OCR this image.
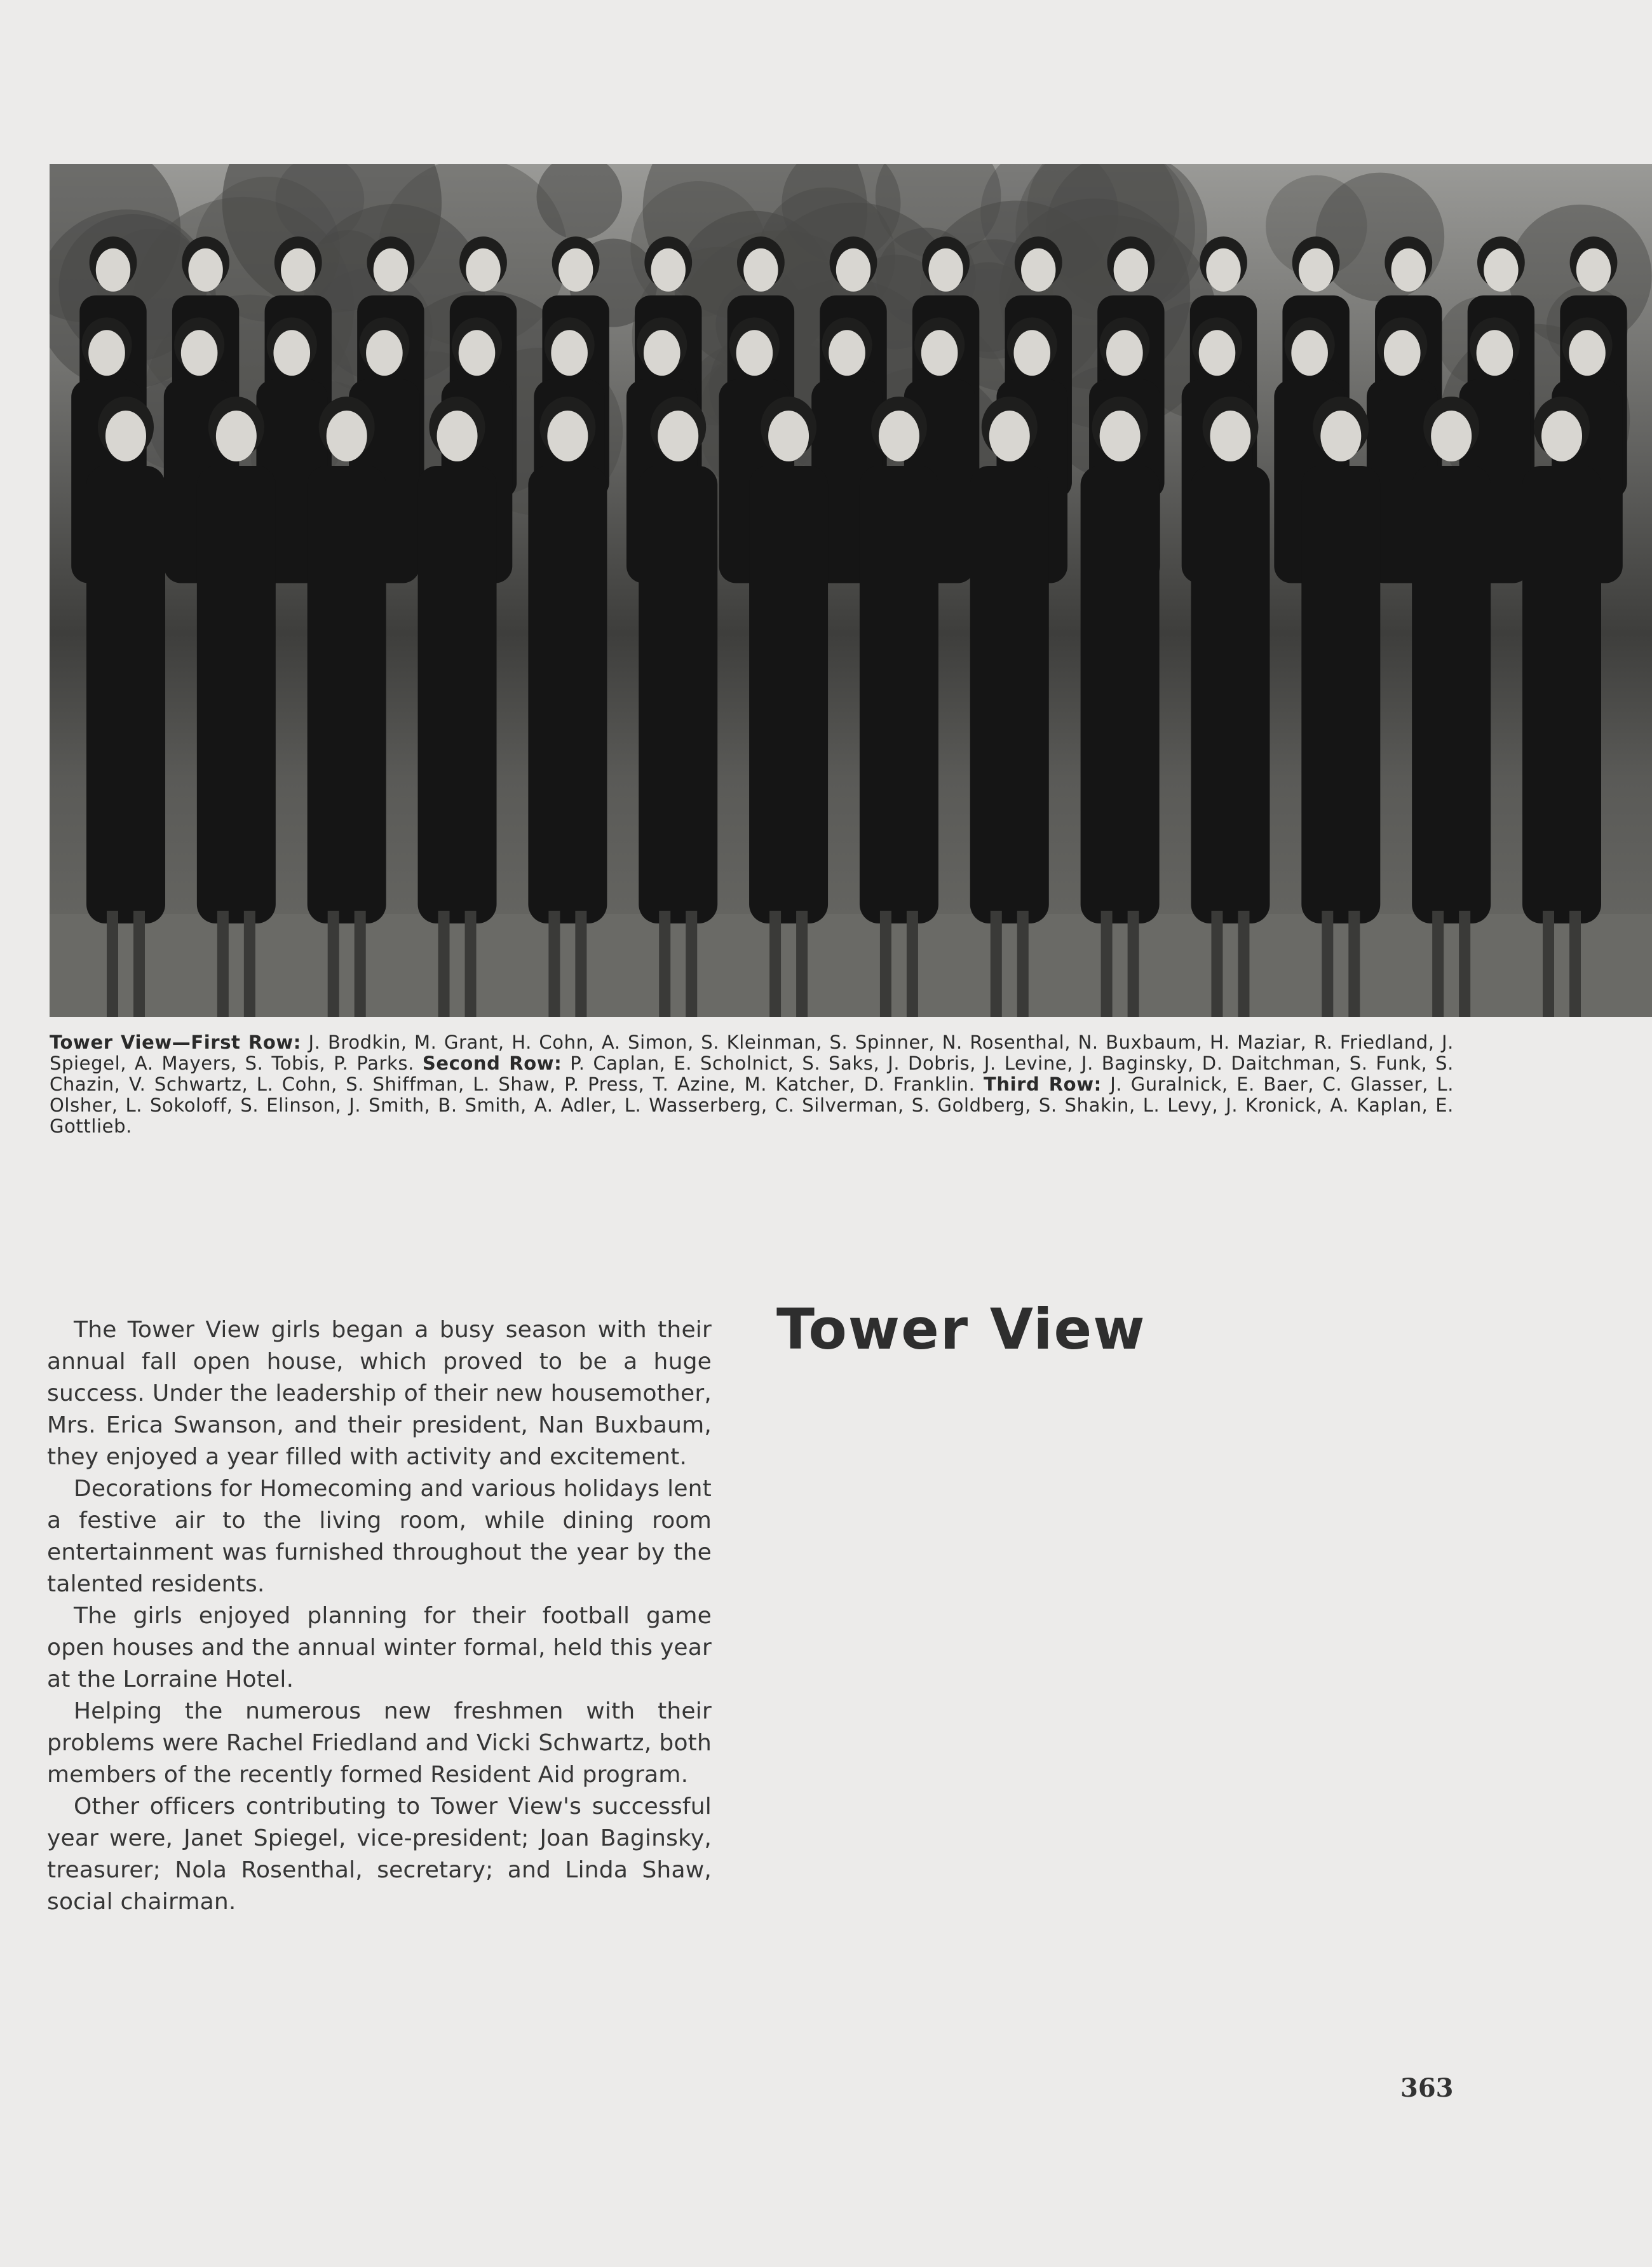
Tower View—First Row: J. Brodkin, M. Grant, H. Cohn, A. Simon, S. Kleinman, S. Spinner, N. Rosenthal, N. Buxbaum, H. Maziar, R. Friedland, J. Spiegel, A. Mayers, S. Tobis, P. Parks. Second Row: P. Caplan, E. Scholnict, S. Saks, J. Dobris, J. Levine, J. Baginsky, D. Daitchman, S. Funk, S. Chazin, V. Schwartz, L. Cohn, S. Shiffman, L. Shaw, P. Press, T. Azine, M. Katcher, D. Franklin. Third Row: J. Guralnick, E. Baer, C. Glasser, L. Olsher, L. Sokoloff, S. Elinson, J. Smith, B. Smith, A. Adler, L. Wasserberg, C. Silverman, S. Goldberg, S. Shakin, L. Levy, J. Kronick, A. Kaplan, E. Gottlieb.

The Tower View girls began a busy season with their annual fall open house, which proved to be a huge success. Under the leadership of their new housemother, Mrs. Erica Swanson, and their president, Nan Buxbaum, they enjoyed a year filled with activity and excitement.

Decorations for Homecoming and various holidays lent a festive air to the living room, while dining room entertainment was furnished throughout the year by the talented residents.

The girls enjoyed planning for their football game open houses and the annual winter formal, held this year at the Lorraine Hotel.

Helping the numerous new freshmen with their problems were Rachel Friedland and Vicki Schwartz, both members of the recently formed Resident Aid program.

Other officers contributing to Tower View's successful year were, Janet Spiegel, vice-president; Joan Baginsky, treasurer; Nola Rosenthal, secretary; and Linda Shaw, social chairman.

Tower View
363
